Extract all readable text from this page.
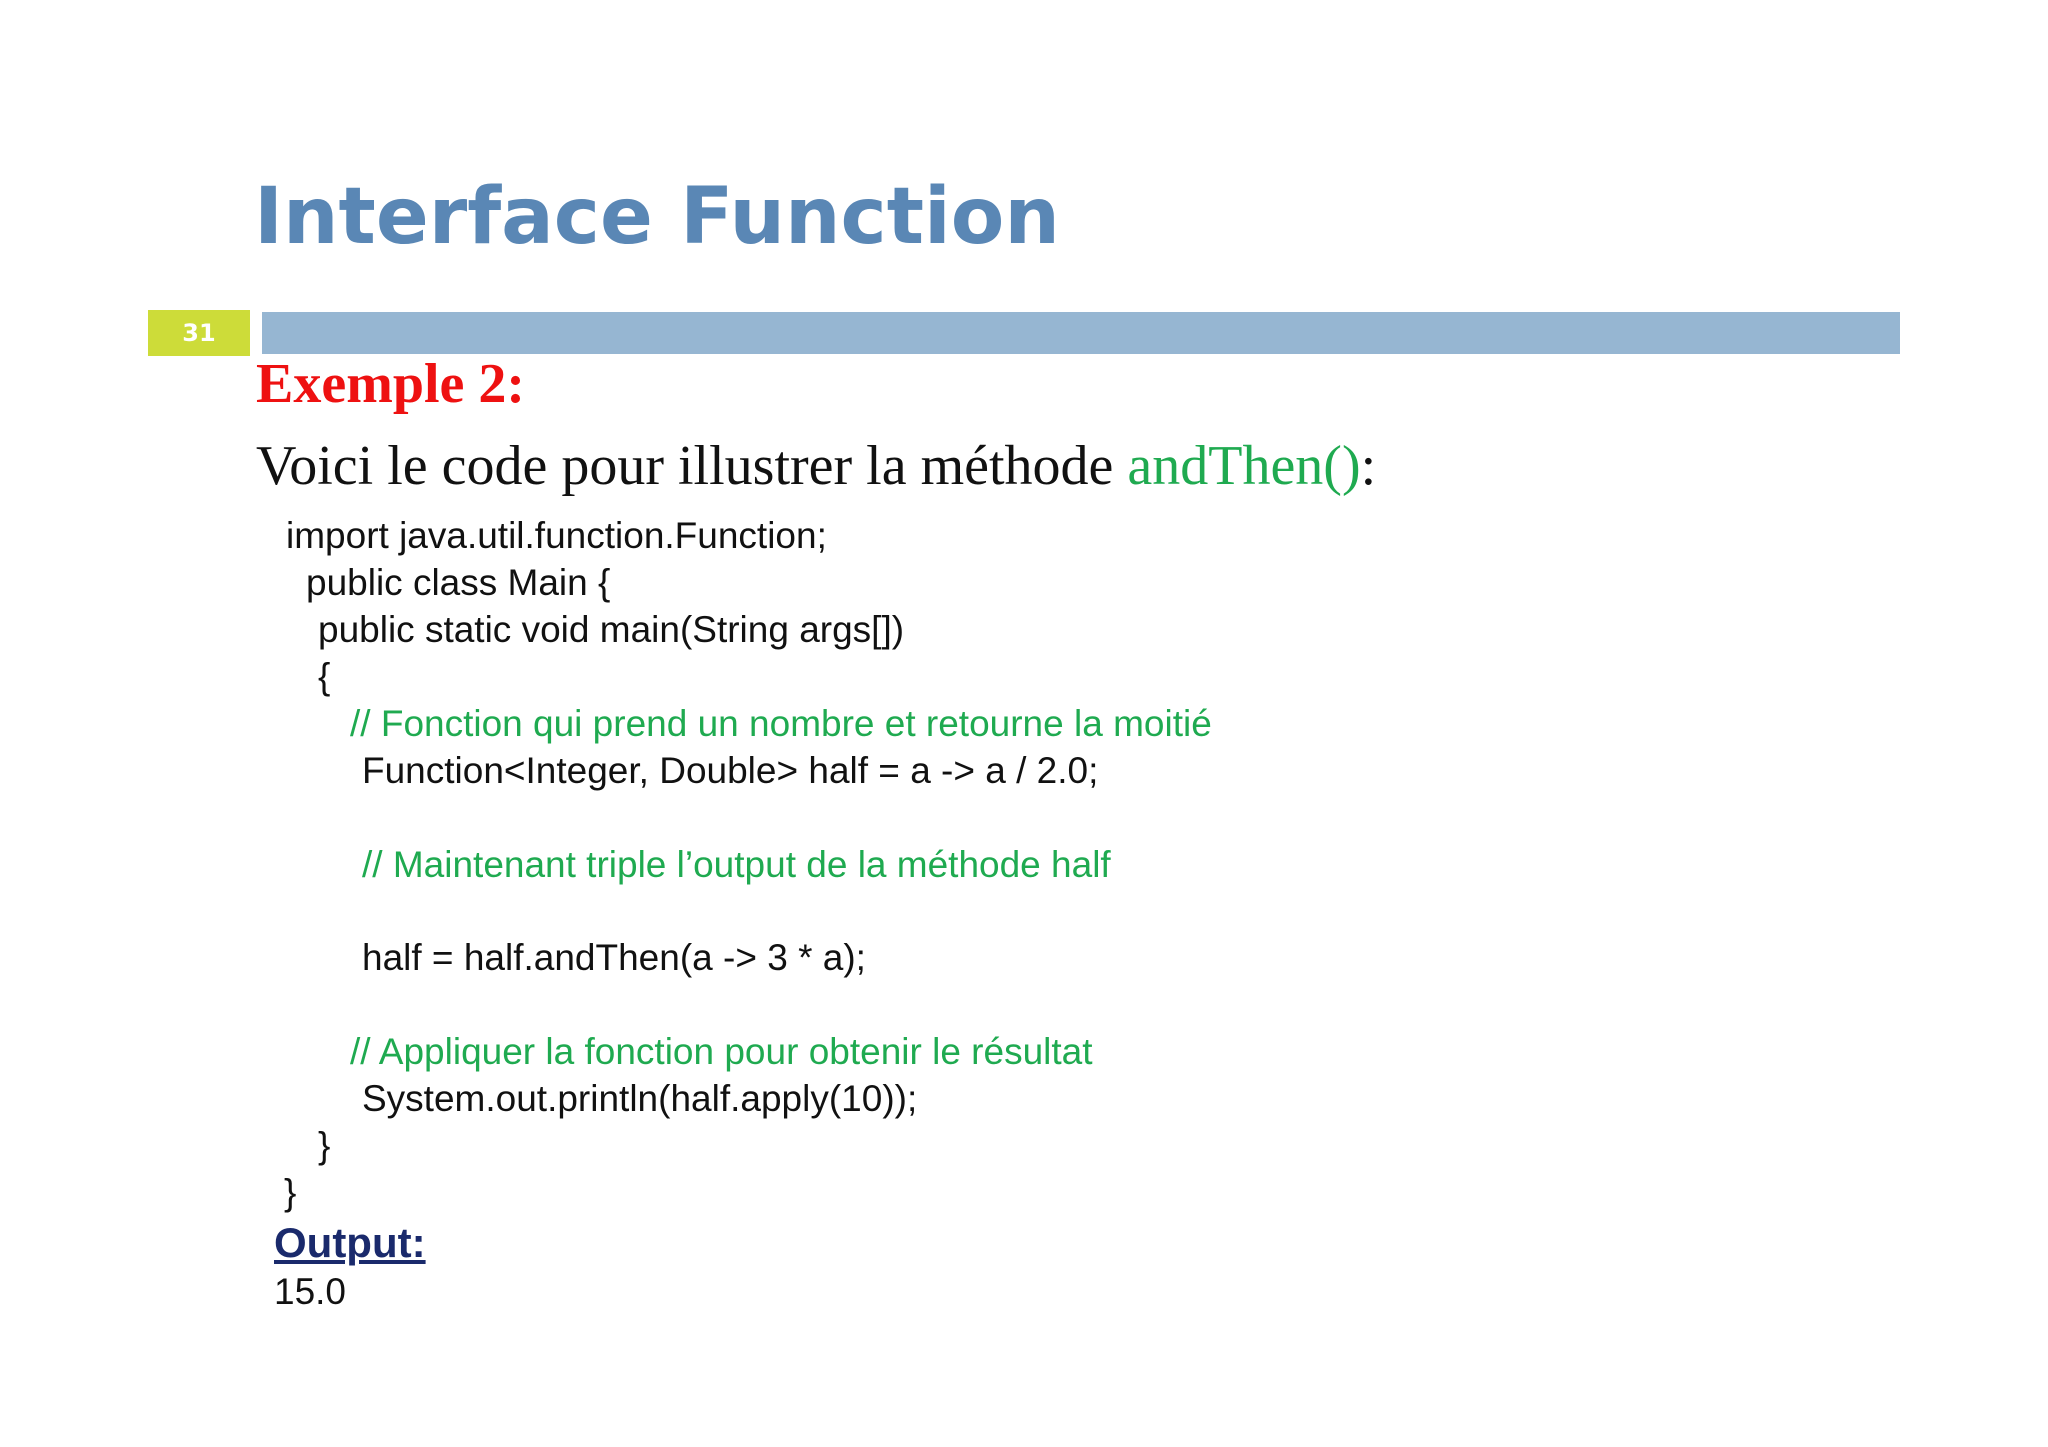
Interface Function
31
Exemple 2:

Voici le code pour illustrer la méthode andThen():

import java.util.function.Function;
public class Main {
public static void main(String args[])
{
// Fonction qui prend un nombre et retourne la moitié
Function<Integer, Double> half = a -> a / 2.0;
// Maintenant triple l’output de la méthode half
half = half.andThen(a -> 3 * a);
// Appliquer la fonction pour obtenir le résultat
System.out.println(half.apply(10));
}
}
Output:
15.0
